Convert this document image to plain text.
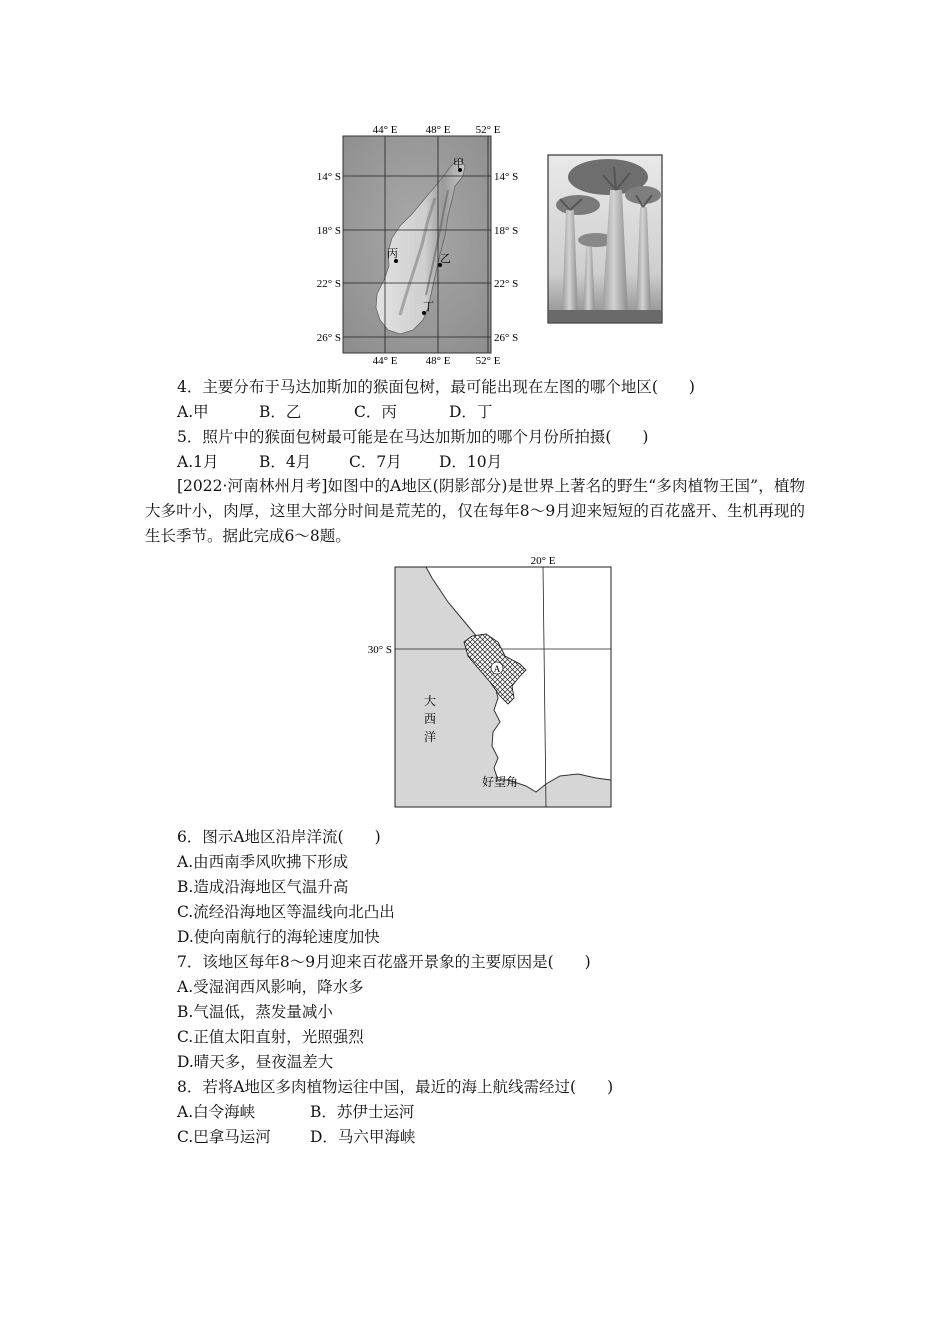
44° E	48° E 52° E
44° E	48° E 52° E
14° S
18° S
22° S
26° S
14° S
18° S
22° S
26° S
甲
乙
丙
丁
4．主要分布于马达加斯加的猴面包树，最可能出现在左图的哪个地区(　　)
A.甲	B．乙	C．丙	D．丁
5．照片中的猴面包树最可能是在马达加斯加的哪个月份所拍摄(　　)
A.1月	B．4月 C．7月 D．10月
[2022·河南林州月考]如图中的A地区(阴影部分)是世界上著名的野生“多肉植物王国”，植物大多叶小，肉厚，这里大部分时间是荒芜的，仅在每年8～9月迎来短短的百花盛开、生机再现的生长季节。据此完成6～8题。
A
20° E
30° S
大
西
洋
好望角
6．图示A地区沿岸洋流(　　)
A.由西南季风吹拂下形成
B.造成沿海地区气温升高
C.流经沿海地区等温线向北凸出
D.使向南航行的海轮速度加快
7．该地区每年8～9月迎来百花盛开景象的主要原因是(　　)
A.受湿润西风影响，降水多
B.气温低，蒸发量减小
C.正值太阳直射，光照强烈
D.晴天多，昼夜温差大
8．若将A地区多肉植物运往中国，最近的海上航线需经过(　　)
A.白令海峡	B．苏伊士运河
C.巴拿马运河	D．马六甲海峡
